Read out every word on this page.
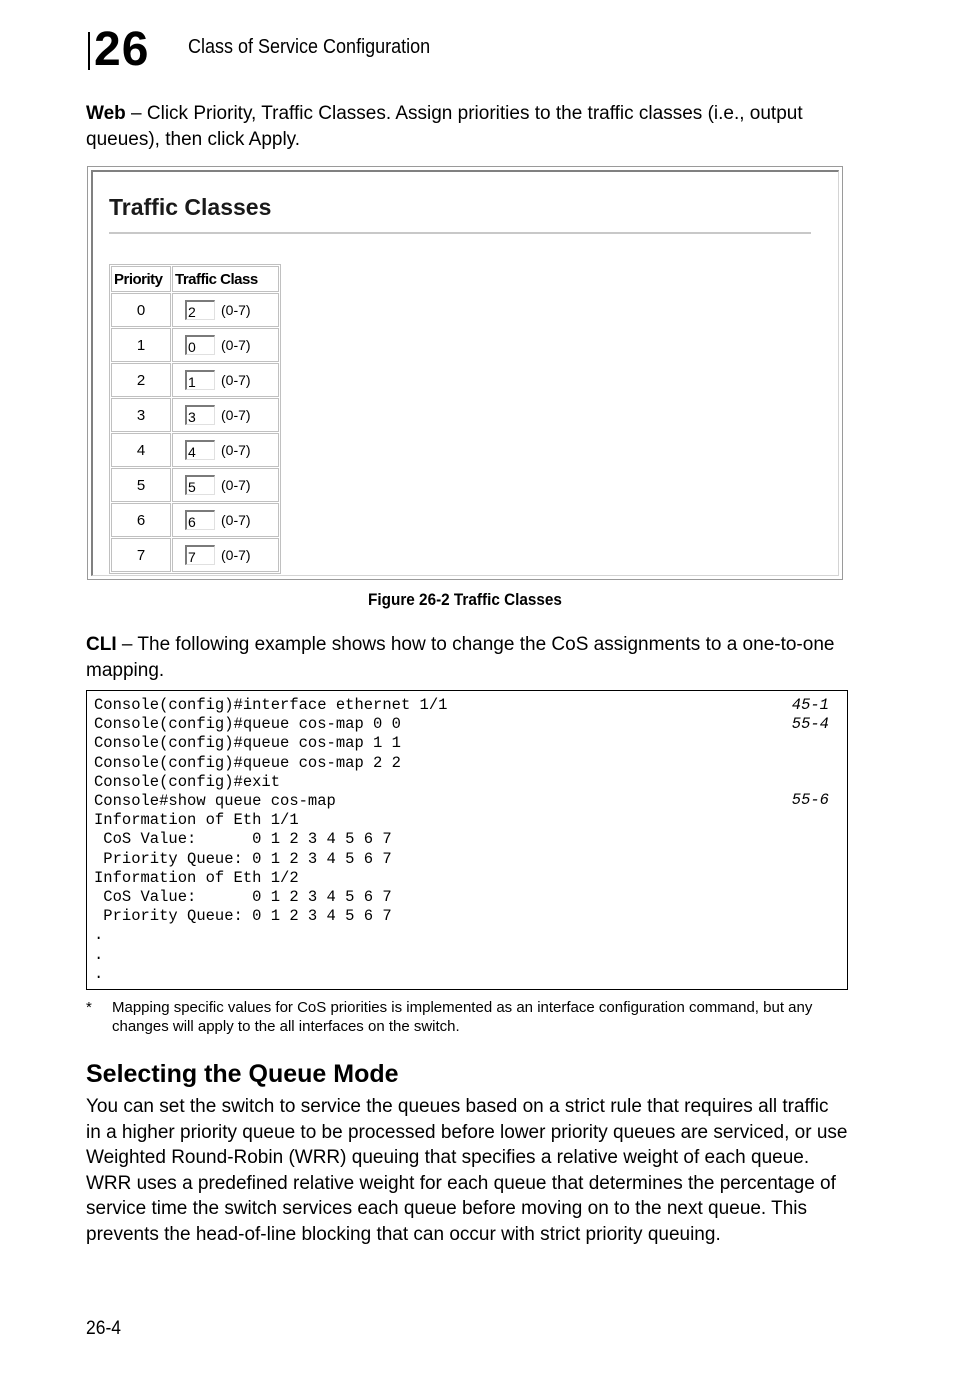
26	Class of Service Configuration
Web – Click Priority, Traffic Classes. Assign priorities to the traffic classes (i.e., output queues), then click Apply.
Traffic Classes
Priority	Traffic Class
0	2 (0-7)
1	0 (0-7)
2	1 (0-7)
3	3 (0-7)
4	4 (0-7)
5	5 (0-7)
6	6 (0-7)
7	7 (0-7)
Figure 26-2 Traffic Classes
CLI – The following example shows how to change the CoS assignments to a one-to-one mapping.
45-1
55-4
55-6
Console(config)#interface ethernet 1/1
Console(config)#queue cos-map 0 0
Console(config)#queue cos-map 1 1
Console(config)#queue cos-map 2 2
Console(config)#exit
Console#show queue cos-map
Information of Eth 1/1
CoS Value:      0 1 2 3 4 5 6 7
Priority Queue: 0 1 2 3 4 5 6 7
Information of Eth 1/2
CoS Value:      0 1 2 3 4 5 6 7
Priority Queue: 0 1 2 3 4 5 6 7
.
.
.
* Mapping specific values for CoS priorities is implemented as an interface configuration command, but any changes will apply to the all interfaces on the switch.
Selecting the Queue Mode
You can set the switch to service the queues based on a strict rule that requires all traffic in a higher priority queue to be processed before lower priority queues are serviced, or use Weighted Round-Robin (WRR) queuing that specifies a relative weight of each queue. WRR uses a predefined relative weight for each queue that determines the percentage of service time the switch services each queue before moving on to the next queue. This prevents the head-of-line blocking that can occur with strict priority queuing.
26-4
